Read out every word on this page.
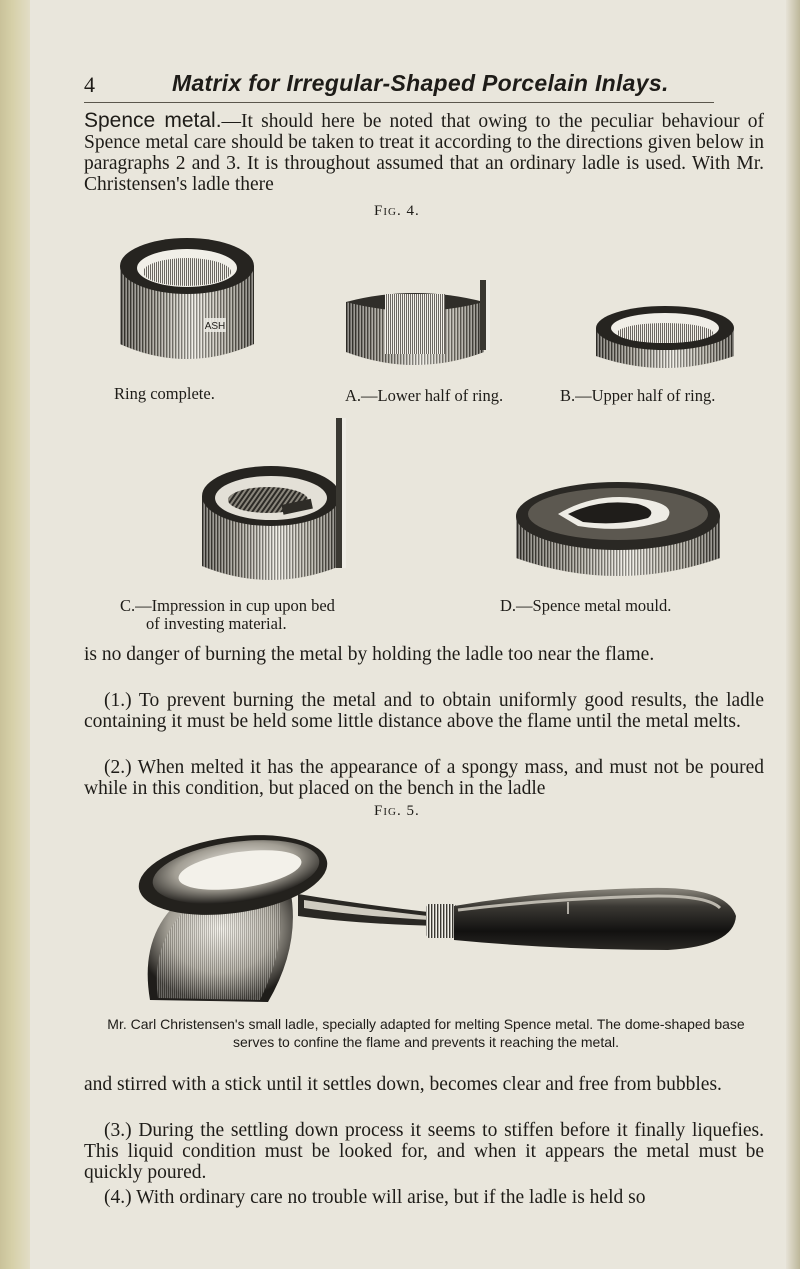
4	Matrix for Irregular-Shaped Porcelain Inlays.

Spence metal.—It should here be noted that owing to the peculiar behaviour of Spence metal care should be taken to treat it according to the directions given below in paragraphs 2 and 3. It is throughout assumed that an ordinary ladle is used. With Mr. Christensen's ladle there

Fig. 4.
ASH
Ring complete.	A.—Lower half of ring.	B.—Upper half of ring.
C.—Impression in cup upon bed
of investing material.
D.—Spence metal mould.

is no danger of burning the metal by holding the ladle too near the flame.

(1.) To prevent burning the metal and to obtain uniformly good results, the ladle containing it must be held some little distance above the flame until the metal melts.

(2.) When melted it has the appearance of a spongy mass, and must not be poured while in this condition, but placed on the bench in the ladle

Fig. 5.
Mr. Carl Christensen's small ladle, specially adapted for melting Spence metal. The dome-shaped base serves to confine the flame and prevents it reaching the metal.

and stirred with a stick until it settles down, becomes clear and free from bubbles.

(3.) During the settling down process it seems to stiffen before it finally liquefies. This liquid condition must be looked for, and when it appears the metal must be quickly poured.

(4.) With ordinary care no trouble will arise, but if the ladle is held so
